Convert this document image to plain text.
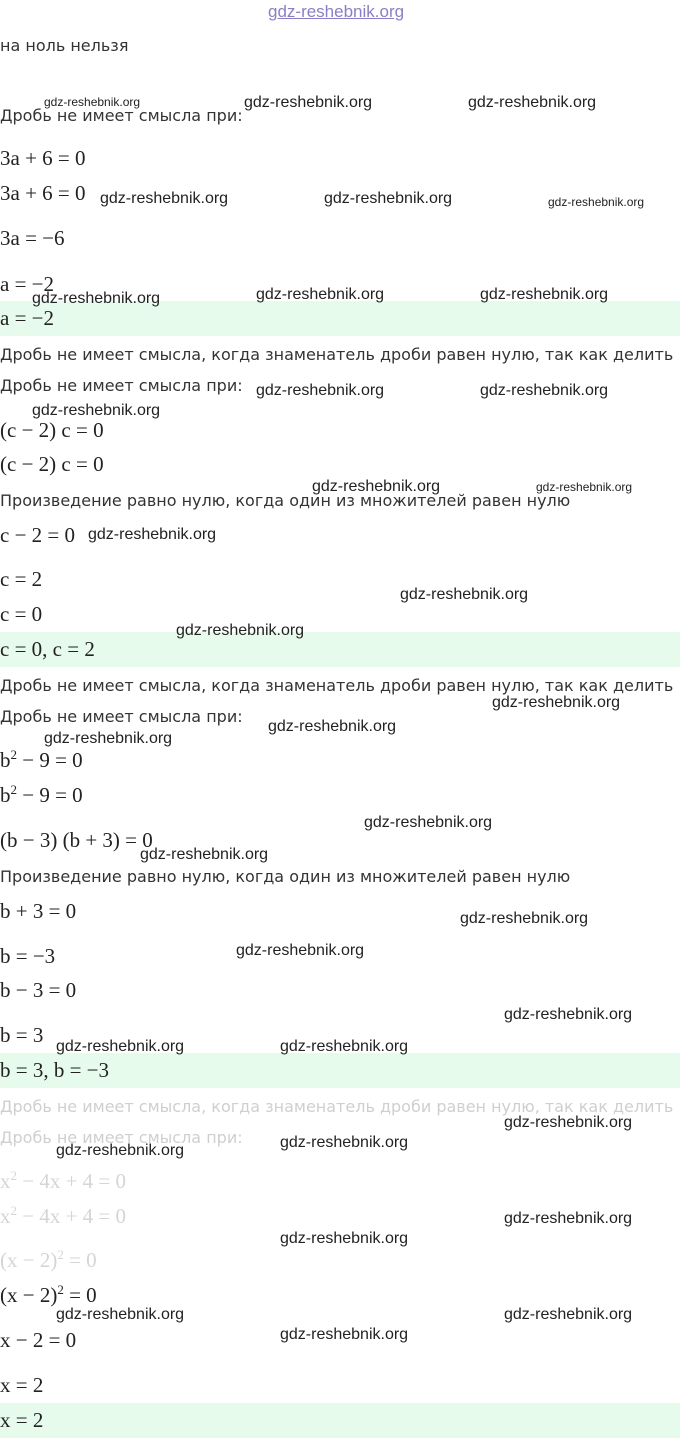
gdz-reshebnik.org
на ноль нельзя
Дробь не имеет смысла при:
3a + 6 = 0
3a + 6 = 0
3a = −6
a = −2
a = −2
Дробь не имеет смысла, когда знаменатель дроби равен нулю, так как делить
Дробь не имеет смысла при:
(c − 2) c = 0
(c − 2) c = 0
Произведение равно нулю, когда один из множителей равен нулю
c − 2 = 0
c = 2
c = 0
c = 0, c = 2
Дробь не имеет смысла, когда знаменатель дроби равен нулю, так как делить
Дробь не имеет смысла при:
$b^2 - 9 = 0$
$b^2 - 9 = 0$
(b − 3) (b + 3) = 0
Произведение равно нулю, когда один из множителей равен нулю
b + 3 = 0
b = −3
b − 3 = 0
b = 3
b = 3, b = −3
Дробь не имеет смысла, когда знаменатель дроби равен нулю, так как делить
Дробь не имеет смысла при:
$x^2 - 4x + 4 = 0$
$x^2 - 4x + 4 = 0$
$(x - 2)^2 = 0$
$(x - 2)^2 = 0$
x − 2 = 0
x = 2
x = 2
gdz-reshebnik.org	gdz-reshebnik.org	gdz-reshebnik.org
gdz-reshebnik.org	gdz-reshebnik.org	gdz-reshebnik.org
gdz-reshebnik.org	gdz-reshebnik.org	gdz-reshebnik.org
gdz-reshebnik.org	gdz-reshebnik.org
gdz-reshebnik.org
gdz-reshebnik.org	gdz-reshebnik.org
gdz-reshebnik.org
gdz-reshebnik.org
gdz-reshebnik.org
gdz-reshebnik.org
gdz-reshebnik.org
gdz-reshebnik.org
gdz-reshebnik.org
gdz-reshebnik.org
gdz-reshebnik.org
gdz-reshebnik.org
gdz-reshebnik.org
gdz-reshebnik.org	gdz-reshebnik.org
gdz-reshebnik.org
gdz-reshebnik.org
gdz-reshebnik.org
gdz-reshebnik.org
gdz-reshebnik.org
gdz-reshebnik.org	gdz-reshebnik.org
gdz-reshebnik.org
